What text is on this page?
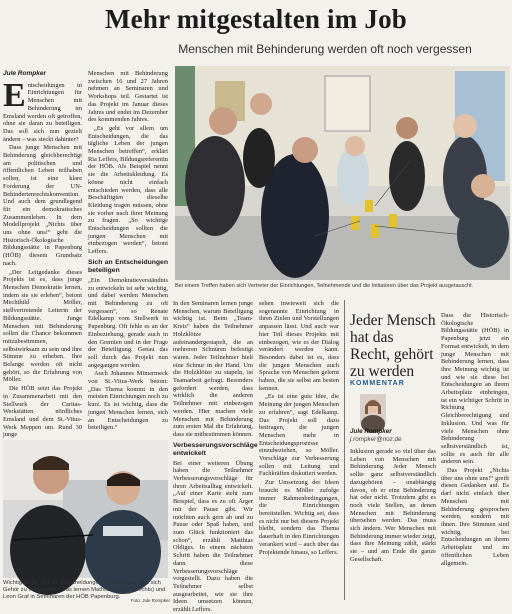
Mehr mitgestalten im Job
Menschen mit Behinderung werden oft noch vergessen
Bei einem Treffen haben sich Vertreter der Einrichtungen, Teilnehmende und die Initiatoren über das Projekt ausgetauscht.
Jule Rompker

Entscheidungen in Einrichtungen für Menschen mit Behinderung im Emsland werden oft getroffen, ohne sie daran zu beteiligen. Das soll sich nun gezielt ändern – was steckt dahinter?

Dass junge Menschen mit Behinderung gleichberechtigt am politischen und öffentlichen Leben teilhaben sollen, ist eine klare Forderung der UN-Behindertenrechtskonvention. Und auch dem grundlegend für ein demokratisches Zusammenleben. In dem Modellprojekt „Nichts über uns ohne uns!“ geht die Historisch-Ökologische Bildungsstätte in Papenburg (HÖB) diesem Grundsatz nach.

„Der Leitgedanke dieses Projekts ist es, dass junge Menschen Demokratie lernen, indem sie sie erleben“, betont Mechthild Möller, stellvertretende Leiterin der Bildungsstätte. Junge Menschen mit Behinderung sollen die Chance bekommen mitzubestimmen, selbstwirksam zu sein und ihre Stimme zu erheben. Ihre Belange werden oft nicht gehört, so die Erfahrung von Möller.

Die HÖB setzt das Projekt in Zusammenarbeit mit den Stellwerk der Caritas-Werkstätten nördliches Emsland und dem St.-Vitus-Werk Meppen um. Rund 30 junge

Menschen mit Behinderung zwischen 16 und 27 Jahren nehmen an Seminaren und Workshops teil. Gestartet ist das Projekt im Januar dieses Jahres und endet im Dezember des kommenden Jahres.

„Es geht vor allem um Entscheidungen, die das tägliche Leben der jungen Menschen betreffen“, erklärt Ria Leffers, Bildungsreferentin der HÖB. Als Beispiel nennt sie die Arbeitskleidung. Es könne nicht einfach entschieden werden, dass alle Beschäftigten dieselbe Kleidung tragen müssen, ohne sie vorher nach ihrer Meinung zu fragen. „So wichtige Entscheidungen sollten die jungen Menschen mit einbezogen werden“, betont Leffers.

Sich an Entscheidungen beteiligen

„Ein Demokratieverständnis zu entwickeln ist sehr wichtig, und dabei werden Menschen mit Behinderung zu oft vergessen“, so Renate Edelkamp vom Stellwerk in Papenburg. Oft fehle es an der Einbeziehung, gerade auch in den Gremien und in der Frage der Beteiligung. Genau das soll durch das Projekt nun angegangen werden.

Auch Johannes Mimermeck von St.-Vitus-Werk betont: „Das Thema kommt in den meisten Einrichtungen noch zu kurz. Es ist wichtig, dass die jungen Menschen lernen, sich an Entscheidungen zu beteiligen.“

Wichtig ist es, sich an Entscheidungen zu beteiligen, und sich Gehör zu verschaffen. Das lernen Mathias Oldiges (rechts) und Leon Graf in Seminaren der HÖB Papenburg.
Foto: Jule Rompker

In den Seminaren lernen junge Menschen, warum Beteiligung wichtig ist. Beim „Team-Kreis“ haben die Teilnehmer Holzklötze aufeinandergestapelt, die an mehreren Schnüren befestigt waren. Jeder Teilnehmer hielt eine Schnur in der Hand. Um die Holzklötze zu stapeln, ist Teamarbeit gefragt. Besonders gefordert werden, dass wirklich die anderen Teilnehmer mit einbezogen werden. Hier machen viele Menschen mit Behinderung zum ersten Mal die Erfahrung, dass sie mitbestimmen können.

Verbesserungsvorschläge entwickelt

Bei einer weiteren Übung haben die Teilnehmer Verbesserungsvorschläge für ihren Arbeitsalltag entwickelt. „Auf einer Karte steht zum Beispiel, dass es zu oft Ärger mit der Pause gibt. Wir möchten auch gern ab und zu Pause oder Spaß haben, und zum Glück funktioniert das schon“, erzählt Matthias Oldiges. In einem nächsten Schritt haben die Teilnehmer dann diese Verbesserungsvorschläge vorgestellt. Dazu haben die Teilnehmer selbst ausgearbeitet, wie sie ihre Ideen umsetzen können, erzählt Leffers.

sehen inwieweit sich die sogenannte Einrichtung in ihren Zielen und Vorstellungen anpassen lässt. Und auch war hier Teil dieses Projekts mit einbezogen, wie es der Dialog verändert werden kann. Besonders dabei ist es, dass die jungen Menschen auch Sprache von Menschen gelernt haben, die sie selbst am besten kennen.

„Es ist eine gute Idee, die Meinung der jungen Menschen zu erfahren“, sagt Edelkamp. Das Projekt soll dazu beitragen, die jungen Menschen mehr in Entscheidungsprozesse einzubeziehen, so Möller. Vorschläge zur Verbesserung sollen mit Leitung und Fachkräften diskutiert werden.

Zur Umsetzung der Ideen braucht es Möller zufolge immer Rahmenbedingungen, die Einrichtungen bereitstellen. Wichtig sei, dass es nicht nur bei diesem Projekt bleibt, sondern das Thema dauerhaft in den Einrichtungen verankert wird – auch über das Projektende hinaus, so Leffers.

Jeder Mensch hat das Recht, gehört zu werden
KOMMENTAR
Jule Rompker
j.rompker@noz.de

Inklusion gerade so viel über das Leben von Menschen mit Behinderung. Jeder Mensch sollte ganz selbstverständlich dazugehören – unabhängig davon, ob er eine Behinderung hat oder nicht. Trotzdem gibt es noch viele Stellen, an denen Menschen mit Behinderung übersehen werden. Das muss sich ändern. Wer Menschen mit Behinderung immer wieder zeigt, dass ihre Meinung zählt, stärkt sie – und am Ende die ganze Gesellschaft.

Dass die Historisch-Ökologische Bildungsstätte (HÖB) in Papenburg jetzt ein Format entwickelt, in dem junge Menschen mit Behinderung lernen, dass ihre Meinung wichtig ist und wie sie diese bei Entscheidungen an ihrem Arbeitsplatz einbringen, ist ein wichtiger Schritt in Richtung Gleichberechtigung und Inklusion. Und was für viele Menschen ohne Behinderung selbstverständlich ist, sollte es auch für alle anderen sein.

Das Projekt „Nichts über uns ohne uns!“ greift diesen Gedanken auf. Es darf nicht einfach über Menschen mit Behinderung gesprochen werden, sondern mit ihnen. Ihre Stimmen sind wichtig, bei Entscheidungen an ihrem Arbeitsplatz und im öffentlichen Leben allgemein.
